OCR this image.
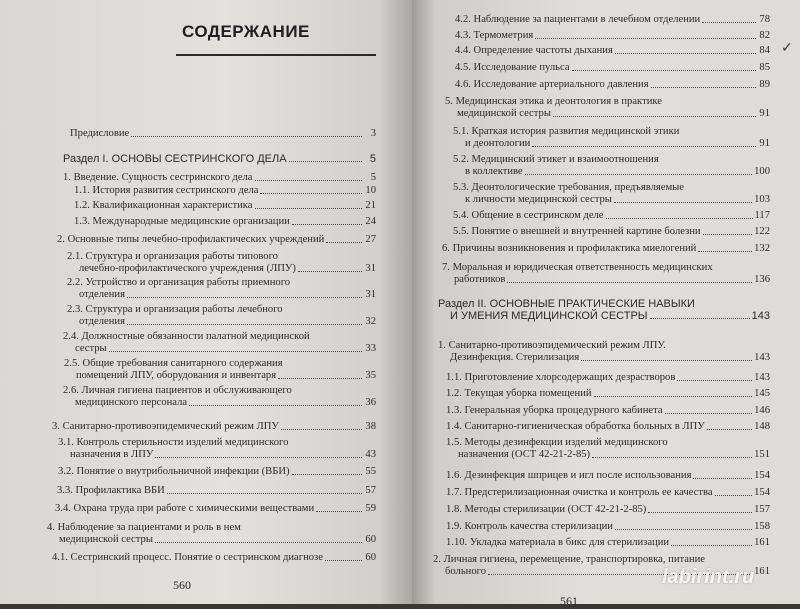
СОДЕРЖАНИЕ
Предисловие	3
Раздел I. ОСНОВЫ СЕСТРИНСКОГО ДЕЛА	5
1. Введение. Сущность сестринского дела	5
1.1. История развития сестринского дела	10
1.2. Квалификационная характеристика	21
1.3. Международные медицинские организации	24
2. Основные типы лечебно-профилактических учреждений	27
2.1. Структура и организация работы типового
лечебно-профилактического учреждения (ЛПУ)	31
2.2. Устройство и организация работы приемного
отделения	31
2.3. Структура и организация работы лечебного
отделения	32
2.4. Должностные обязанности палатной медицинской
сестры	33
2.5. Общие требования санитарного содержания
помещений ЛПУ, оборудования и инвентаря	35
2.6. Личная гигиена пациентов и обслуживающего
медицинского персонала	36
3. Санитарно-противоэпидемический режим ЛПУ	38
3.1. Контроль стерильности изделий медицинского
назначения в ЛПУ	43
3.2. Понятие о внутрибольничной инфекции (ВБИ)	55
3.3. Профилактика ВБИ	57
3.4. Охрана труда при работе с химическими веществами	59
4. Наблюдение за пациентами и роль в нем
медицинской сестры	60
4.1. Сестринский процесс. Понятие о сестринском диагнозе	60
4.2. Наблюдение за пациентами в лечебном отделении	78
4.3. Термометрия	82
4.4. Определение частоты дыхания	84
4.5. Исследование пульса	85
4.6. Исследование артериального давления	89
5. Медицинская этика и деонтология в практике
медицинской сестры	91
5.1. Краткая история развития медицинской этики
и деонтологии	91
5.2. Медицинский этикет и взаимоотношения
в коллективе	100
5.3. Деонтологические требования, предъявляемые
к личности медицинской сестры	103
5.4. Общение в сестринском деле	117
5.5. Понятие о внешней и внутренней картине болезни	122
6. Причины возникновения и профилактика миелогений	132
7. Моральная и юридическая ответственность медицинских
работников	136
Раздел II. ОСНОВНЫЕ ПРАКТИЧЕСКИЕ НАВЫКИ
И УМЕНИЯ МЕДИЦИНСКОЙ СЕСТРЫ	143
1. Санитарно-противоэпидемический режим ЛПУ.
Дезинфекция. Стерилизация	143
1.1. Приготовление хлорсодержащих дезрастворов	143
1.2. Текущая уборка помещений	145
1.3. Генеральная уборка процедурного кабинета	146
1.4. Санитарно-гигиеническая обработка больных в ЛПУ	148
1.5. Методы дезинфекции изделий медицинского
назначения (ОСТ 42-21-2-85)	151
1.6. Дезинфекция шприцев и игл после использования	154
1.7. Предстерилизационная очистка и контроль ее качества	154
1.8. Методы стерилизации (ОСТ 42-21-2-85)	157
1.9. Контроль качества стерилизации	158
1.10. Укладка материала в бикс для стерилизации	161
2. Личная гигиена, перемещение, транспортировка, питание
больного	161
560
561
✓
labirint.ru
